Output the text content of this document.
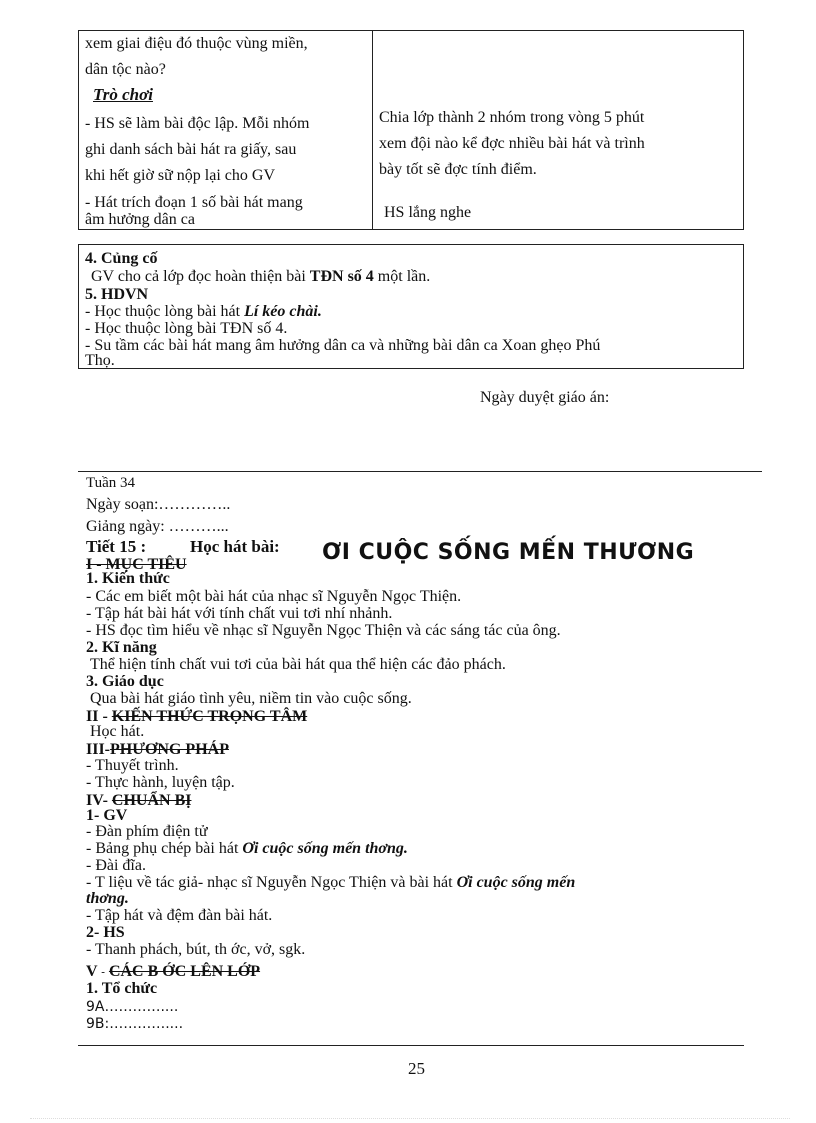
xem giai điệu đó thuộc vùng miền,
dân tộc nào?
Trò chơi
- HS sẽ làm bài độc lập. Mỗi nhóm
ghi danh sách bài hát ra giấy, sau
khi hết giờ sữ nộp lại cho GV
- Hát trích đoạn 1 số bài hát mang
âm hưởng dân ca
Chia lớp thành 2 nhóm trong vòng 5 phút
xem đội nào kể đợc nhiều bài hát và trình
bày tốt sẽ đợc tính điểm.
HS lắng nghe
4. Củng cố
GV cho cả lớp đọc hoàn thiện bài TĐN số 4 một lần.
5. HDVN
- Học thuộc lòng bài hát Lí kéo chài.
- Học thuộc lòng bài TĐN số 4.
- Su tầm các bài hát mang âm hưởng dân ca và những bài dân ca Xoan ghẹo Phú
Thọ.
Ngày duyệt giáo án:
Tuần 34
Ngày soạn:…………..
Giảng ngày: ………...
Tiết 15 :	Học hát bài: ƠI CUỘC SỐNG MẾN THƯƠNG
I - MỤC TIÊU
1. Kiến thức
- Các em biết một bài hát của nhạc sĩ Nguyễn Ngọc Thiện.
- Tập hát bài hát với tính chất vui tơi nhí nhảnh.
- HS đọc tìm hiểu về nhạc sĩ Nguyễn Ngọc Thiện và các sáng tác của ông.
2. Kĩ năng
Thể hiện tính chất vui tơi của bài hát qua thể hiện các đảo phách.
3. Giáo dục
Qua bài hát giáo tình yêu, niềm tin vào cuộc sống.
II - KIẾN THỨC TRỌNG TÂM
Học hát.
III-PHƯƠNG PHÁP
- Thuyết trình.
- Thực hành, luyện tập.
IV- CHUẨN BỊ
1- GV
- Đàn phím điện tử
- Bảng phụ chép bài hát Ơi cuộc sống mến thơng.
- Đài đĩa.
- T liệu về tác giả- nhạc sĩ Nguyễn Ngọc Thiện và bài hát Ơi cuộc sống mến
thơng.
- Tập hát và đệm đàn bài hát.
2- HS
- Thanh phách, bút, th ớc, vở, sgk.
V - CÁC B ỚC LÊN LỚP
1. Tổ chức
9A…………....
9B:…………....
25
